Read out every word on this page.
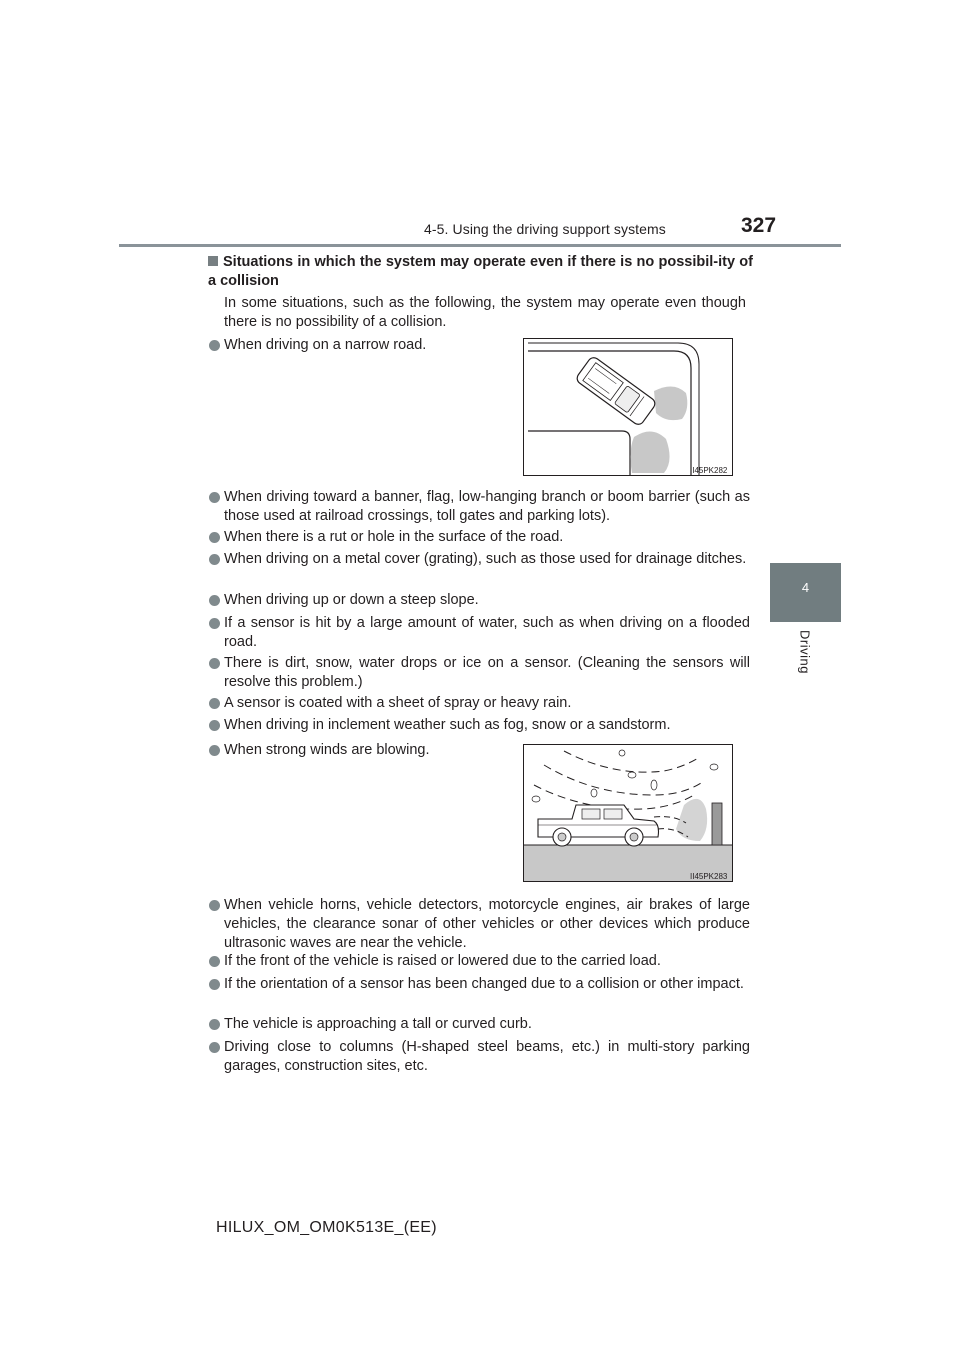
4-5. Using the driving support systems	327
4
Driving
Situations in which the system may operate even if there is no possibil-ity of a collision
In some situations, such as the following, the system may operate even though there is no possibility of a collision.
When driving on a narrow road.
II45PK282
When driving toward a banner, flag, low-hanging branch or boom barrier (such as those used at railroad crossings, toll gates and parking lots).
When there is a rut or hole in the surface of the road.
When driving on a metal cover (grating), such as those used for drainage ditches.
When driving up or down a steep slope.
If a sensor is hit by a large amount of water, such as when driving on a flooded road.
There is dirt, snow, water drops or ice on a sensor. (Cleaning the sensors will resolve this problem.)
A sensor is coated with a sheet of spray or heavy rain.
When driving in inclement weather such as fog, snow or a sandstorm.
When strong winds are blowing.
II45PK283
When vehicle horns, vehicle detectors, motorcycle engines, air brakes of large vehicles, the clearance sonar of other vehicles or other devices which produce ultrasonic waves are near the vehicle.
If the front of the vehicle is raised or lowered due to the carried load.
If the orientation of a sensor has been changed due to a collision or other impact.
The vehicle is approaching a tall or curved curb.
Driving close to columns (H-shaped steel beams, etc.) in multi-story parking garages, construction sites, etc.
HILUX_OM_OM0K513E_(EE)
